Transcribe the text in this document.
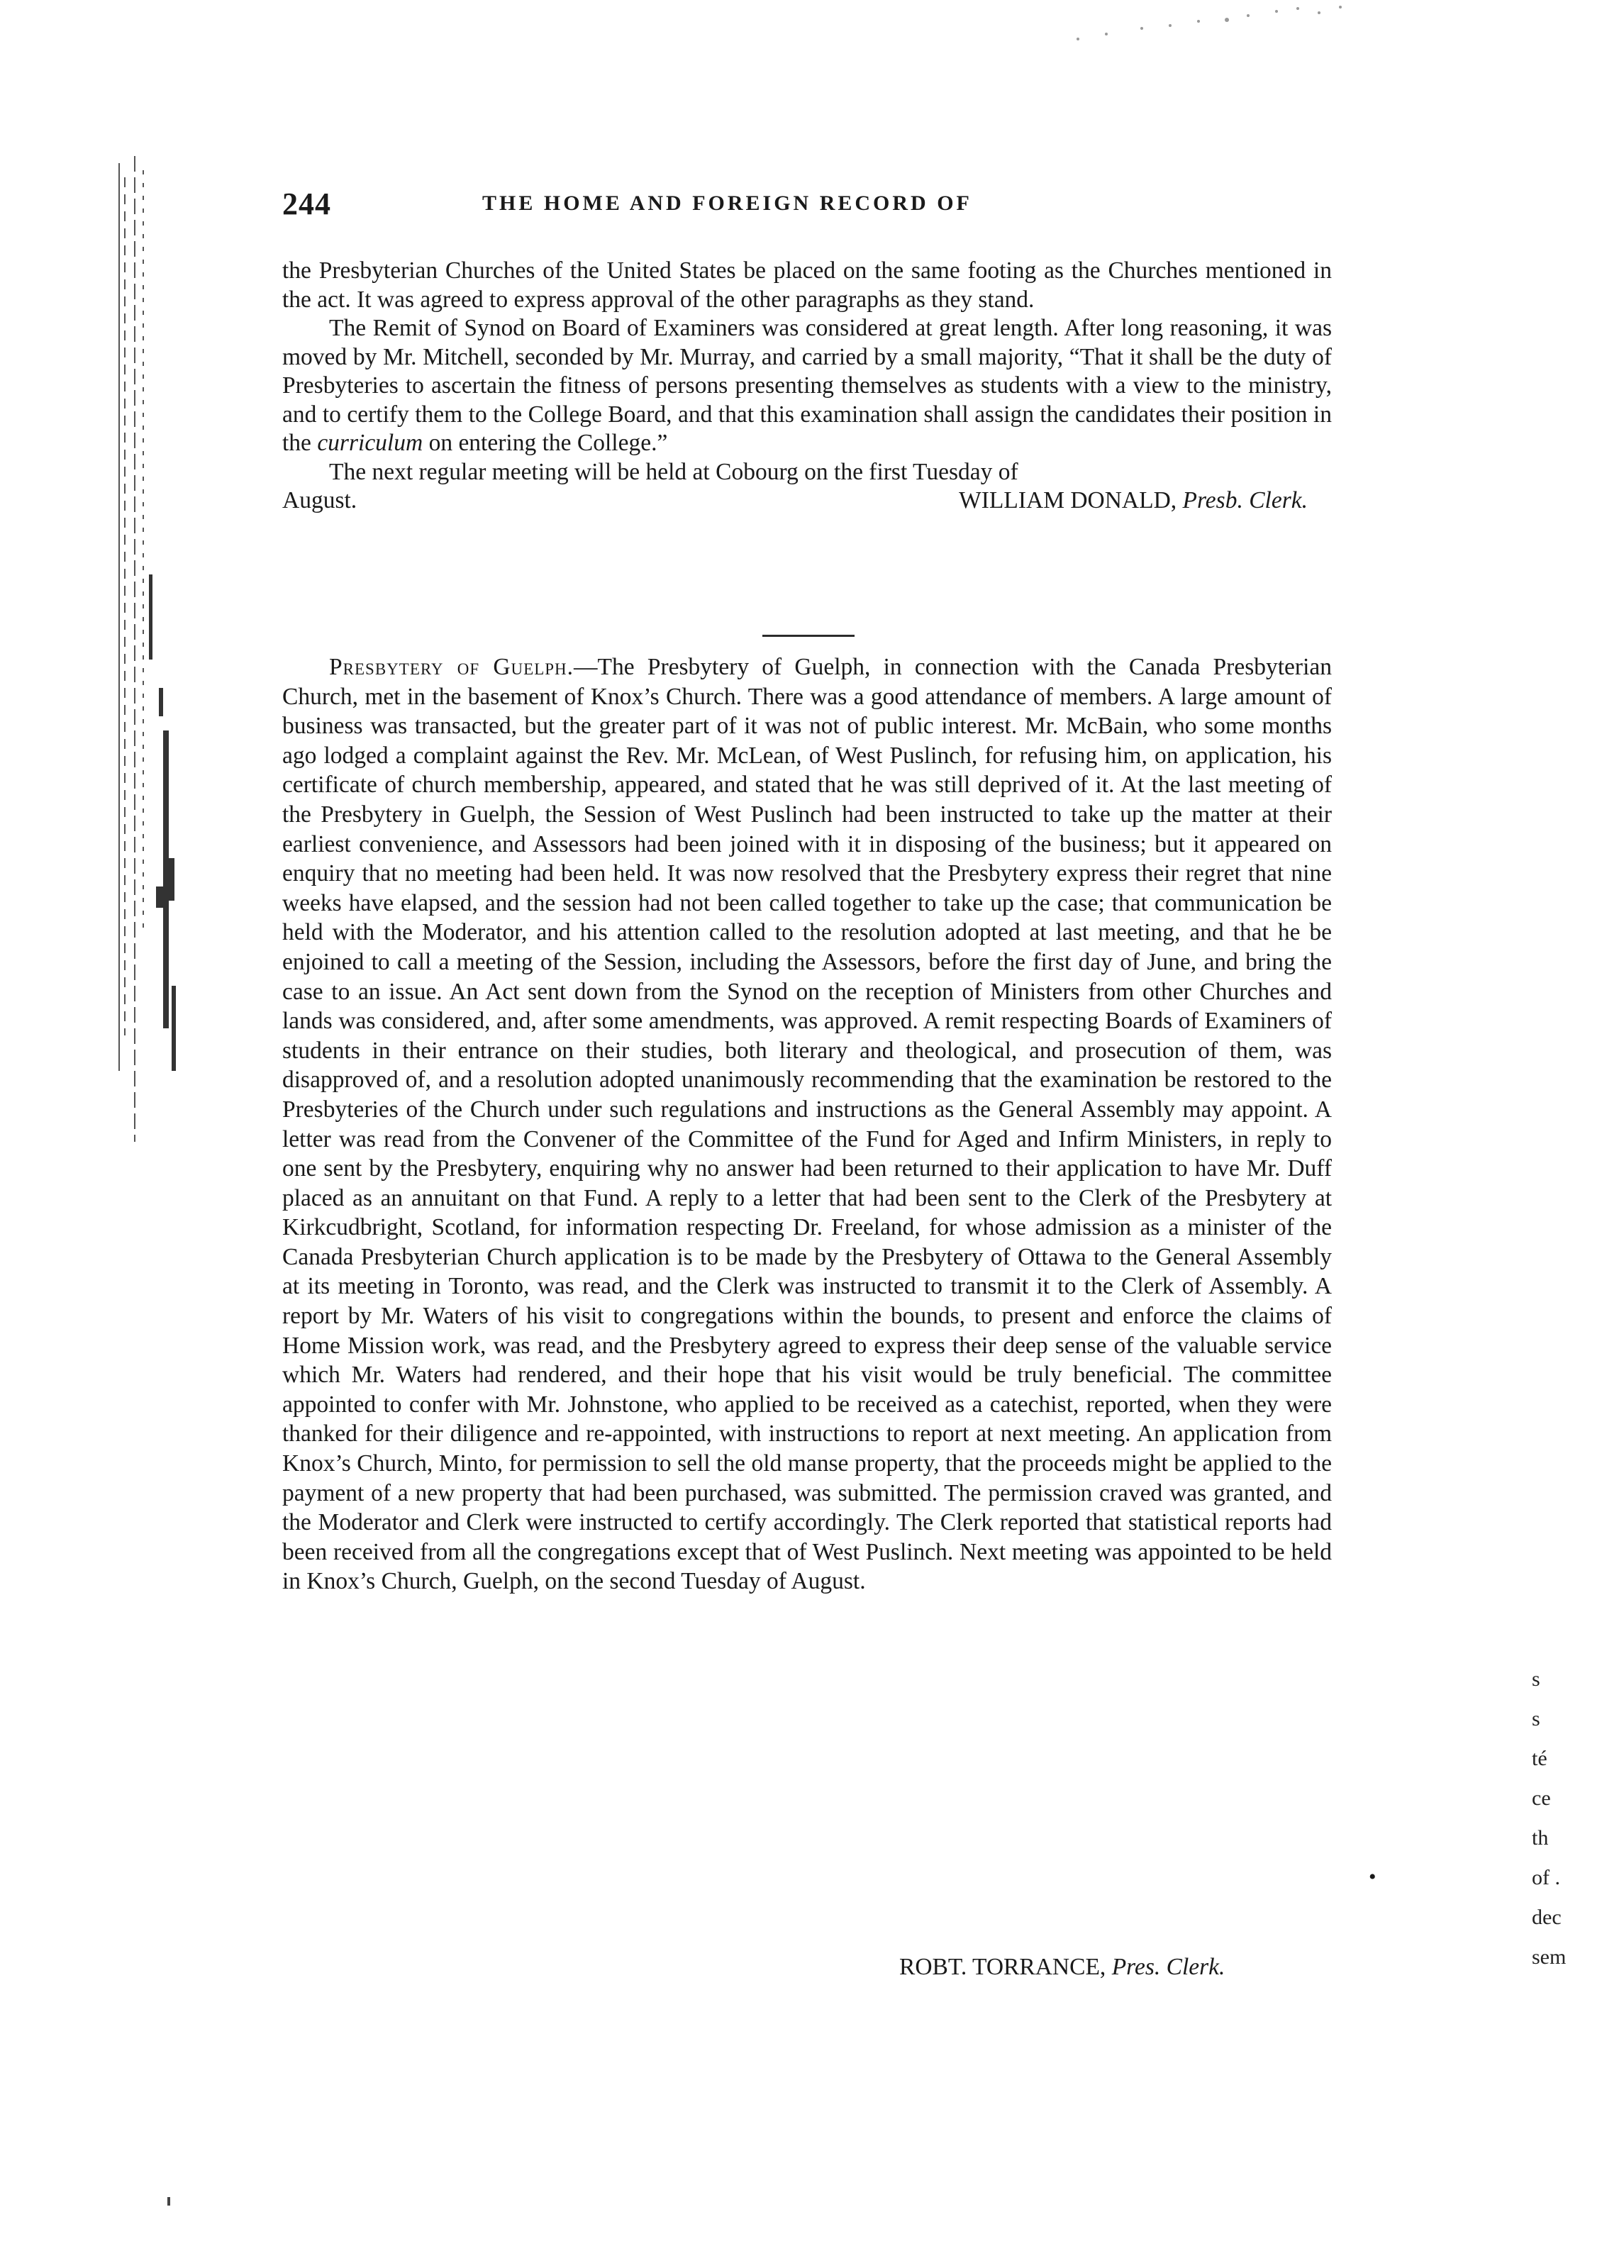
244	THE HOME AND FOREIGN RECORD OF

the Presbyterian Churches of the United States be placed on the same footing as the Churches mentioned in the act. It was agreed to express approval of the other paragraphs as they stand.

The Remit of Synod on Board of Examiners was considered at great length. After long reasoning, it was moved by Mr. Mitchell, seconded by Mr. Murray, and carried by a small majority, “That it shall be the duty of Presbyteries to ascertain the fitness of persons presenting themselves as students with a view to the ministry, and to certify them to the College Board, and that this examination shall assign the candidates their position in the curriculum on entering the College.”

The next regular meeting will be held at Cobourg on the first Tuesday of

August.	WILLIAM DONALD, Presb. Clerk.

Presbytery of Guelph.—The Presbytery of Guelph, in connection with the Canada Presbyterian Church, met in the basement of Knox’s Church. There was a good attendance of members. A large amount of business was transacted, but the greater part of it was not of public interest. Mr. McBain, who some months ago lodged a complaint against the Rev. Mr. McLean, of West Puslinch, for refusing him, on application, his certificate of church membership, appeared, and stated that he was still deprived of it. At the last meeting of the Presbytery in Guelph, the Session of West Puslinch had been instructed to take up the matter at their earliest convenience, and Assessors had been joined with it in disposing of the business; but it appeared on enquiry that no meeting had been held. It was now resolved that the Presbytery express their regret that nine weeks have elapsed, and the session had not been called together to take up the case; that communication be held with the Moderator, and his attention called to the resolution adopted at last meeting, and that he be enjoined to call a meeting of the Session, including the Assessors, before the first day of June, and bring the case to an issue. An Act sent down from the Synod on the reception of Ministers from other Churches and lands was considered, and, after some amendments, was approved. A remit respecting Boards of Examiners of students in their entrance on their studies, both literary and theological, and prosecution of them, was disapproved of, and a resolution adopted unanimously recommending that the examination be restored to the Presbyteries of the Church under such regulations and instructions as the General Assembly may appoint. A letter was read from the Convener of the Committee of the Fund for Aged and Infirm Ministers, in reply to one sent by the Presbytery, enquiring why no answer had been returned to their application to have Mr. Duff placed as an annuitant on that Fund. A reply to a letter that had been sent to the Clerk of the Presbytery at Kirkcudbright, Scotland, for information respecting Dr. Freeland, for whose admission as a minister of the Canada Presbyterian Church application is to be made by the Presbytery of Ottawa to the General Assembly at its meeting in Toronto, was read, and the Clerk was instructed to transmit it to the Clerk of Assembly. A report by Mr. Waters of his visit to congregations within the bounds, to present and enforce the claims of Home Mission work, was read, and the Presbytery agreed to express their deep sense of the valuable service which Mr. Waters had rendered, and their hope that his visit would be truly beneficial. The committee appointed to confer with Mr. Johnstone, who applied to be received as a catechist, reported, when they were thanked for their diligence and re-appointed, with instructions to report at next meeting. An application from Knox’s Church, Minto, for permission to sell the old manse property, that the proceeds might be applied to the payment of a new property that had been purchased, was submitted. The permission craved was granted, and the Moderator and Clerk were instructed to certify accordingly. The Clerk reported that statistical reports had been received from all the congregations except that of West Puslinch. Next meeting was appointed to be held in Knox’s Church, Guelph, on the second Tuesday of August.

ROBT. TORRANCE, Pres. Clerk.
•
s
s
té
ce
th
of .
dec
sem
